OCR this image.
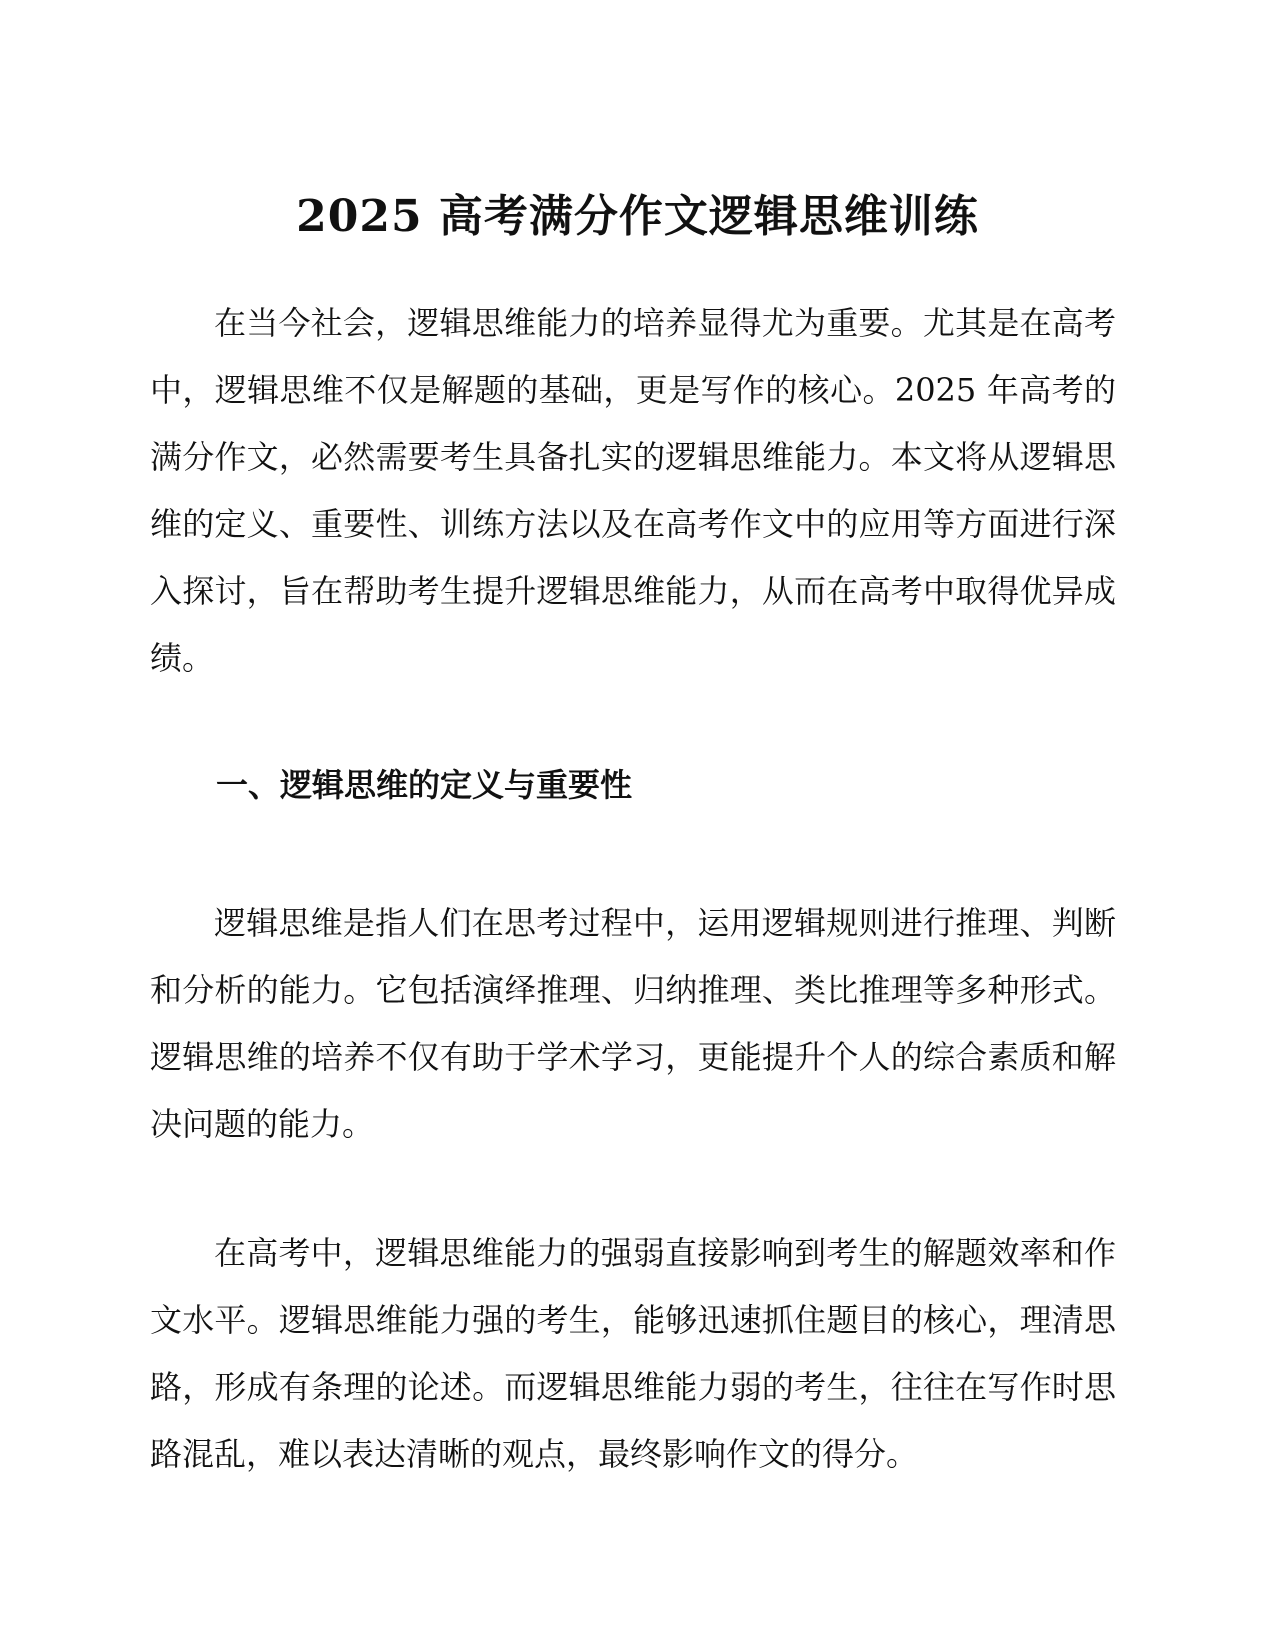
2025 高考满分作文逻辑思维训练

在当今社会，逻辑思维能力的培养显得尤为重要。尤其是在高考中，逻辑思维不仅是解题的基础，更是写作的核心。2025 年高考的满分作文，必然需要考生具备扎实的逻辑思维能力。本文将从逻辑思维的定义、重要性、训练方法以及在高考作文中的应用等方面进行深入探讨，旨在帮助考生提升逻辑思维能力，从而在高考中取得优异成绩。

一、逻辑思维的定义与重要性

逻辑思维是指人们在思考过程中，运用逻辑规则进行推理、判断和分析的能力。它包括演绎推理、归纳推理、类比推理等多种形式。逻辑思维的培养不仅有助于学术学习，更能提升个人的综合素质和解决问题的能力。

在高考中，逻辑思维能力的强弱直接影响到考生的解题效率和作文水平。逻辑思维能力强的考生，能够迅速抓住题目的核心，理清思路，形成有条理的论述。而逻辑思维能力弱的考生，往往在写作时思路混乱，难以表达清晰的观点，最终影响作文的得分。
